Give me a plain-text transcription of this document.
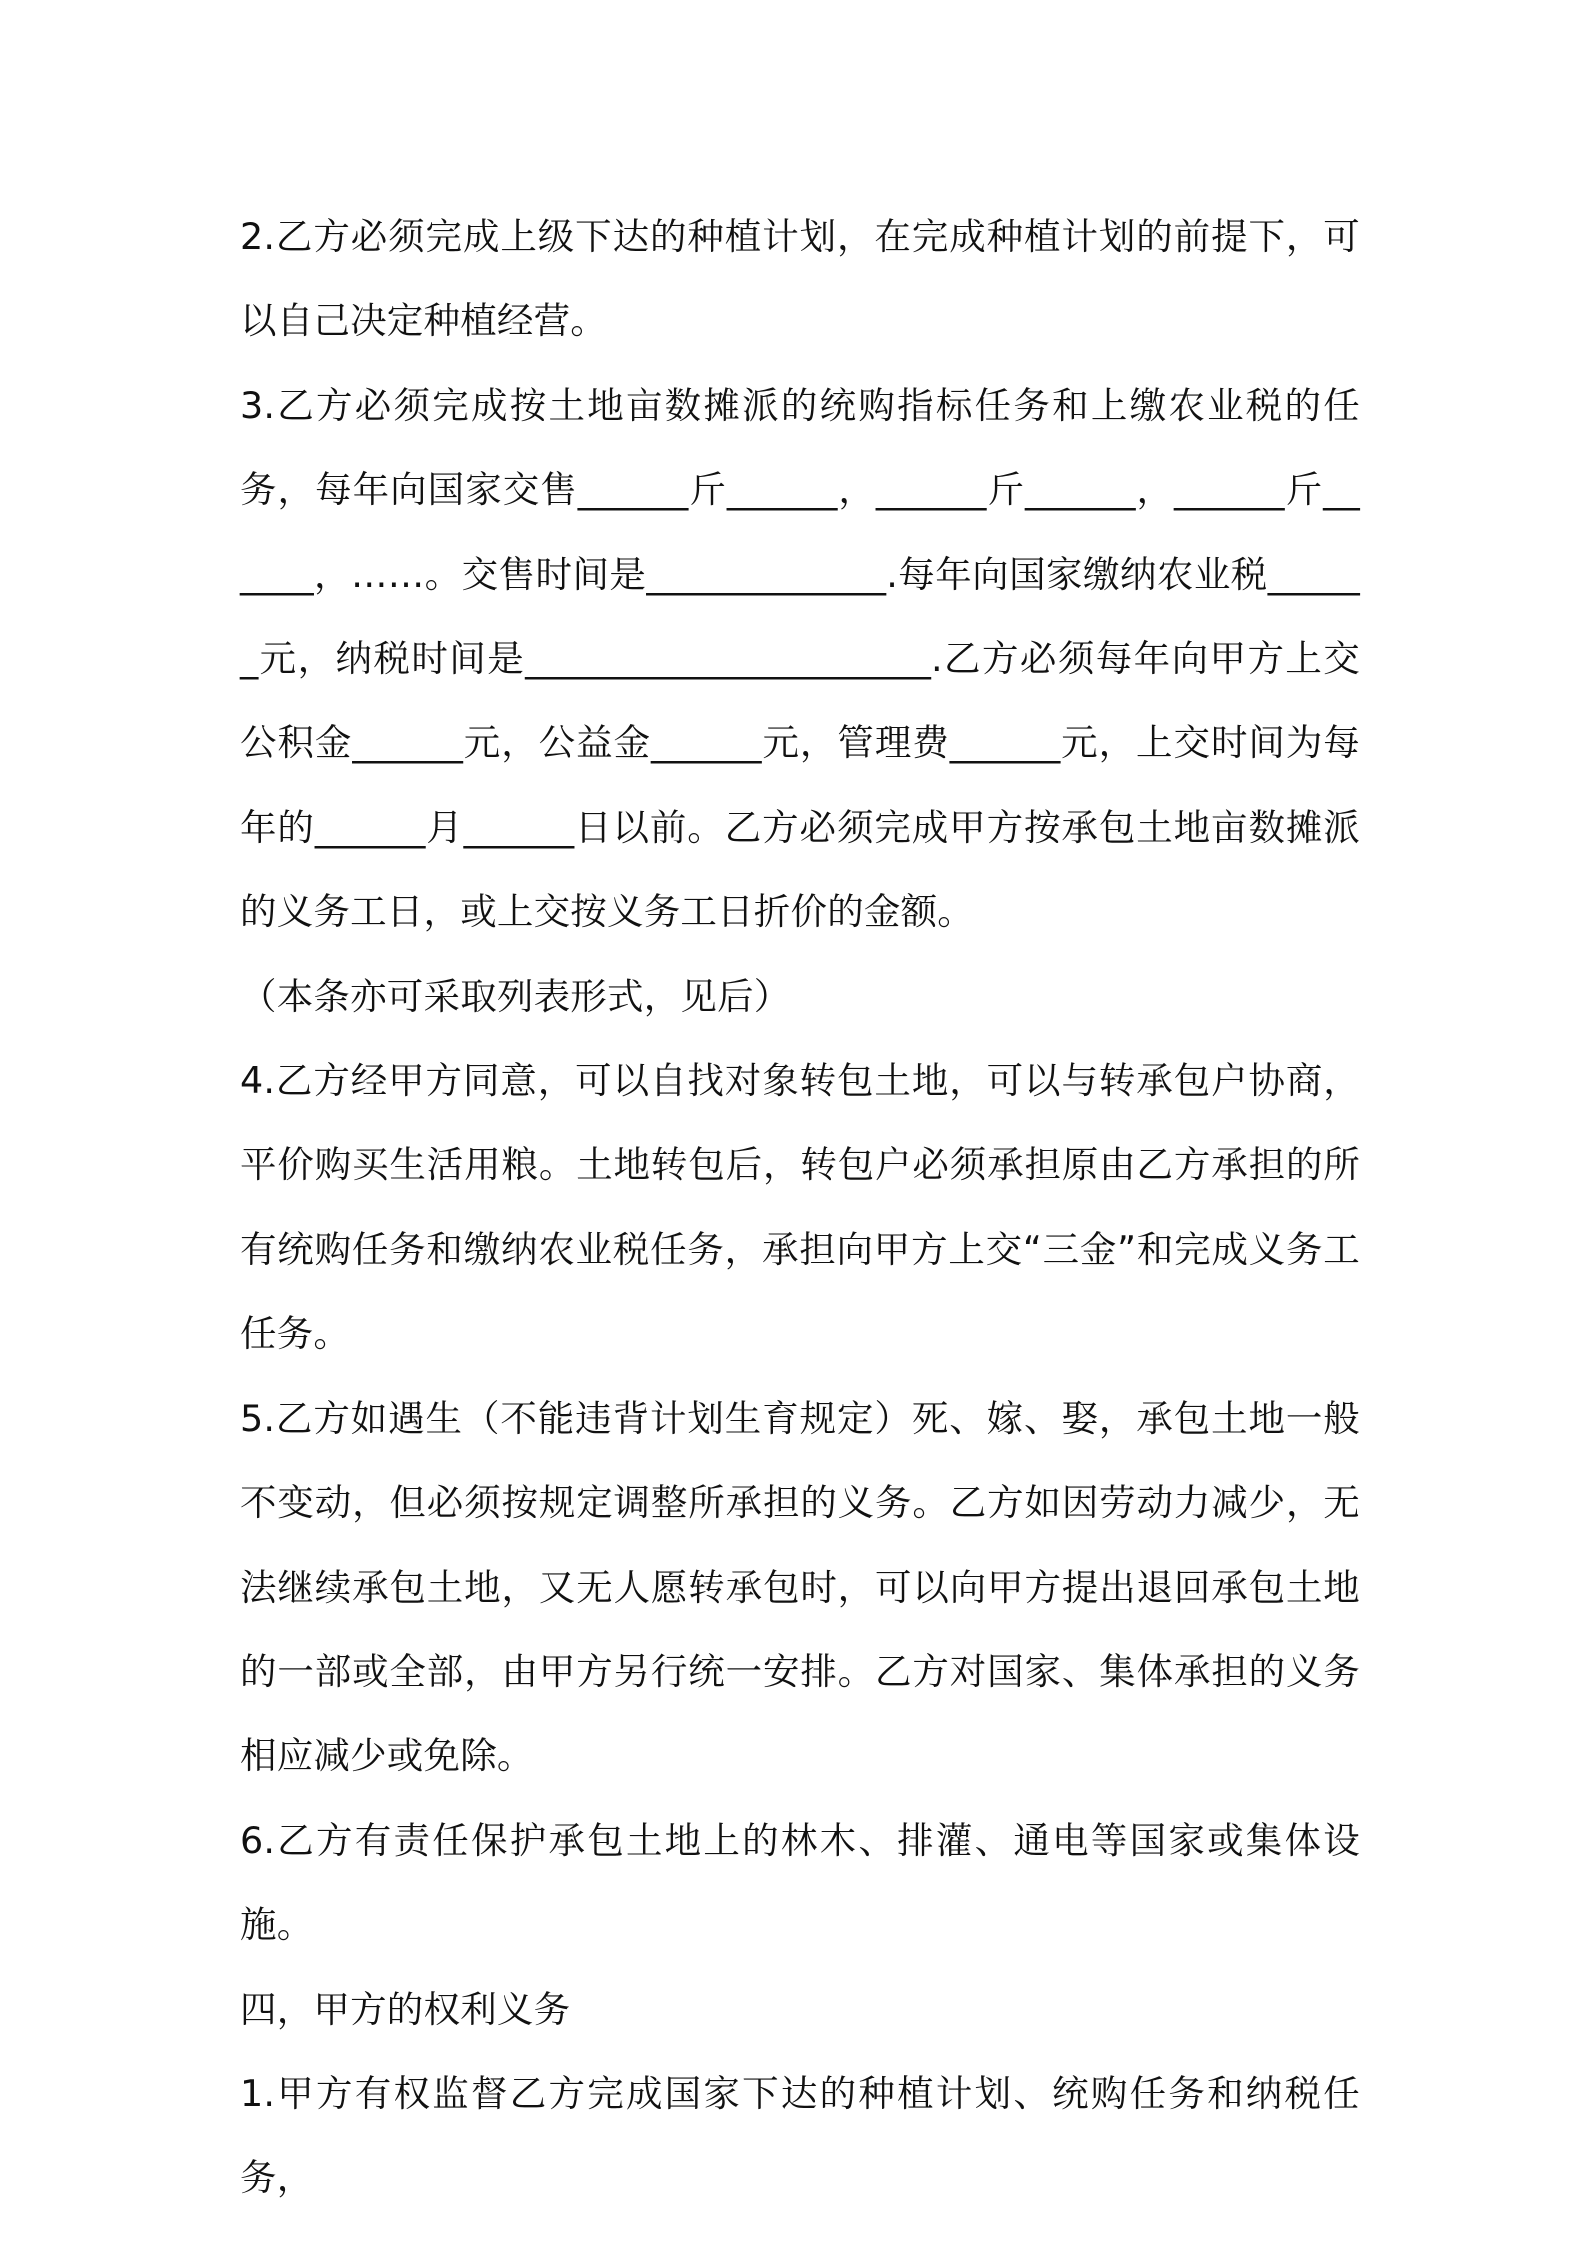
2.乙方必须完成上级下达的种植计划，在完成种植计划的前提下，可以自己决定种植经营。

3.乙方必须完成按土地亩数摊派的统购指标任务和上缴农业税的任务，每年向国家交售______斤______，______斤______，______斤______，……。交售时间是_____________.每年向国家缴纳农业税______元，纳税时间是______________________.乙方必须每年向甲方上交公积金______元，公益金______元，管理费______元，上交时间为每年的______月______日以前。乙方必须完成甲方按承包土地亩数摊派的义务工日，或上交按义务工日折价的金额。

（本条亦可采取列表形式，见后）

4.乙方经甲方同意，可以自找对象转包土地，可以与转承包户协商，平价购买生活用粮。土地转包后，转包户必须承担原由乙方承担的所有统购任务和缴纳农业税任务，承担向甲方上交“三金”和完成义务工任务。

5.乙方如遇生（不能违背计划生育规定）死、嫁、娶，承包土地一般不变动，但必须按规定调整所承担的义务。乙方如因劳动力减少，无法继续承包土地，又无人愿转承包时，可以向甲方提出退回承包土地的一部或全部，由甲方另行统一安排。乙方对国家、集体承担的义务相应减少或免除。

6.乙方有责任保护承包土地上的林木、排灌、通电等国家或集体设施。

四，甲方的权利义务

1.甲方有权监督乙方完成国家下达的种植计划、统购任务和纳税任务，
